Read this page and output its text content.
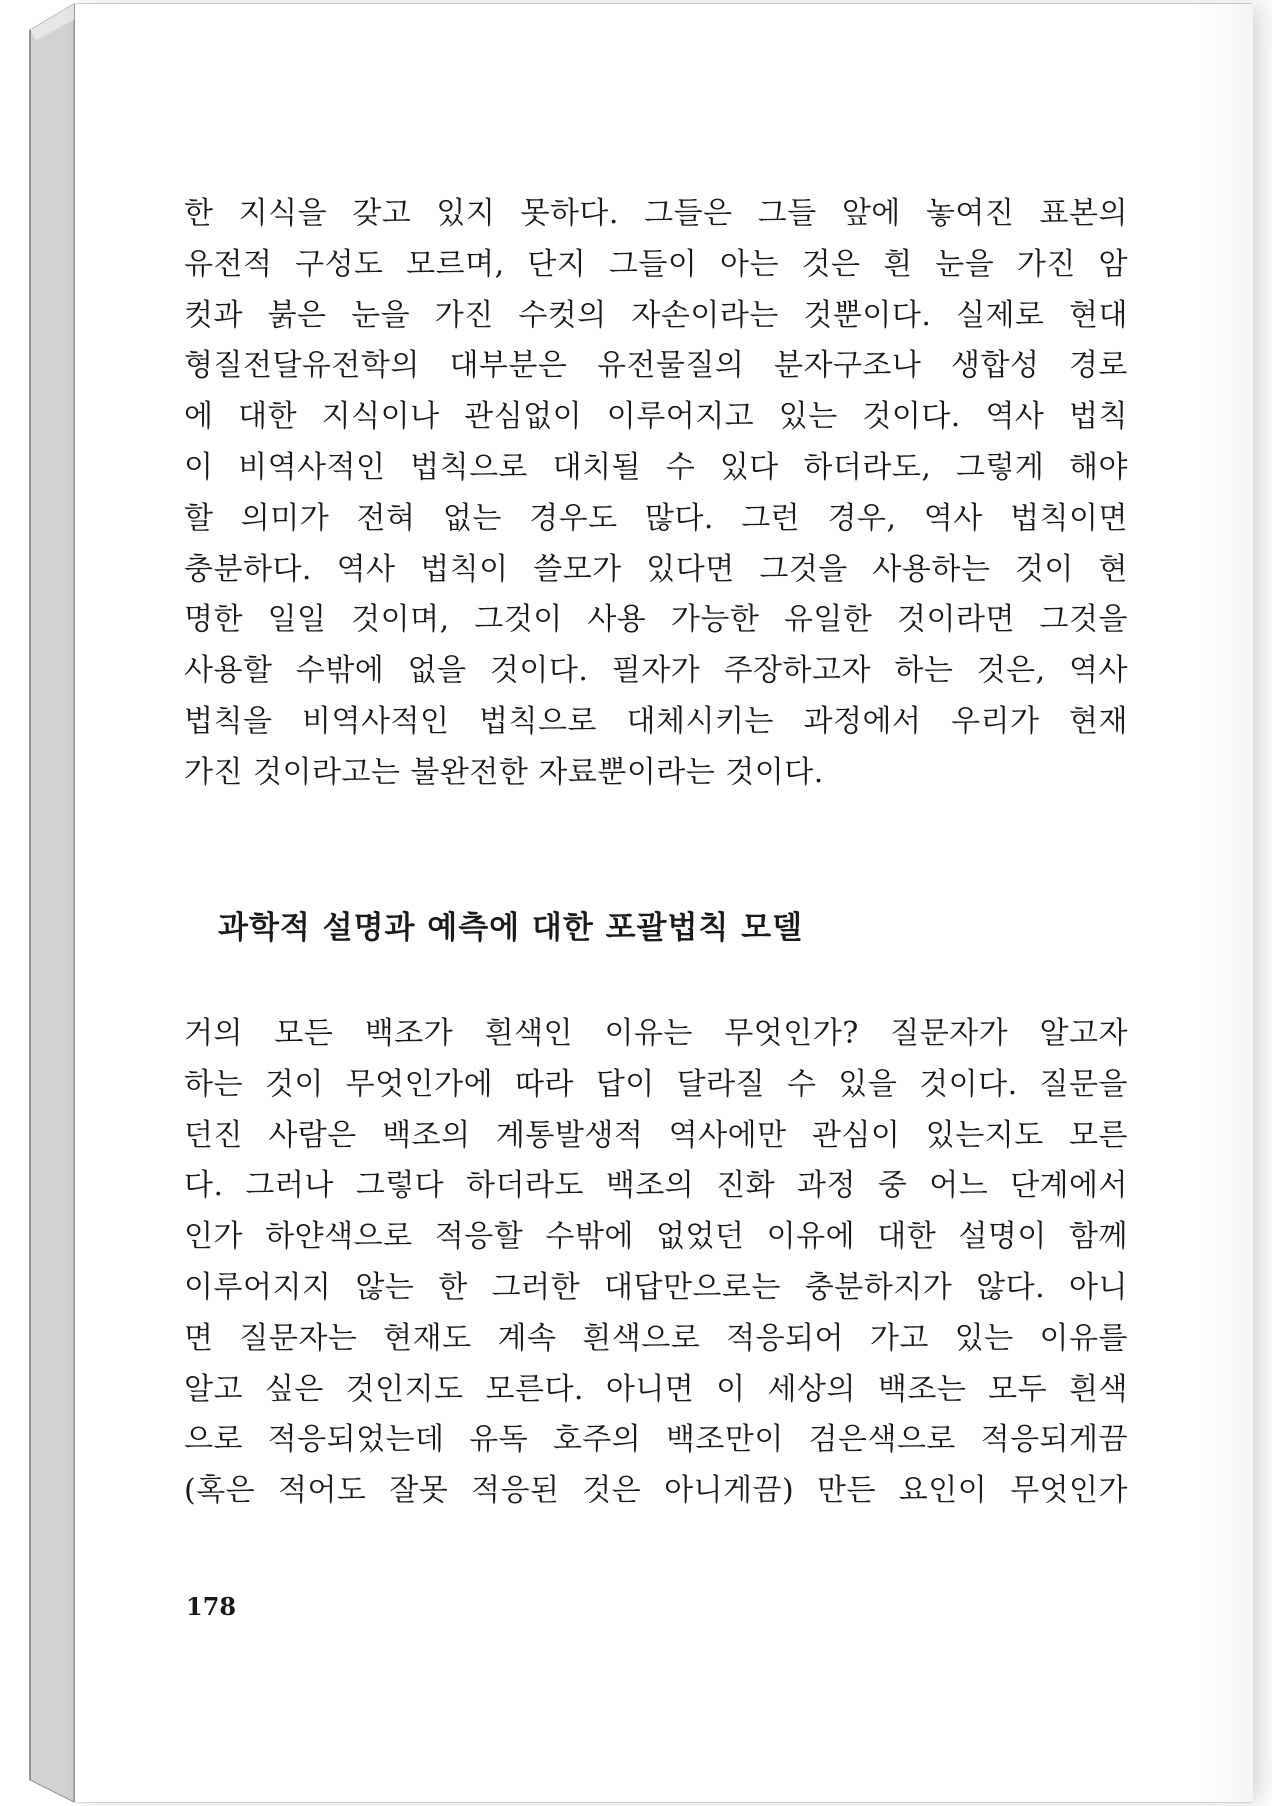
한 지식을 갖고 있지 못하다. 그들은 그들 앞에 놓여진 표본의
유전적 구성도 모르며, 단지 그들이 아는 것은 흰 눈을 가진 암
컷과 붉은 눈을 가진 수컷의 자손이라는 것뿐이다. 실제로 현대
형질전달유전학의 대부분은 유전물질의 분자구조나 생합성 경로
에 대한 지식이나 관심없이 이루어지고 있는 것이다. 역사 법칙
이 비역사적인 법칙으로 대치될 수 있다 하더라도, 그렇게 해야
할 의미가 전혀 없는 경우도 많다. 그런 경우, 역사 법칙이면
충분하다. 역사 법칙이 쓸모가 있다면 그것을 사용하는 것이 현
명한 일일 것이며, 그것이 사용 가능한 유일한 것이라면 그것을
사용할 수밖에 없을 것이다. 필자가 주장하고자 하는 것은, 역사
법칙을 비역사적인 법칙으로 대체시키는 과정에서 우리가 현재
가진 것이라고는 불완전한 자료뿐이라는 것이다.
과학적 설명과 예측에 대한 포괄법칙 모델
거의 모든 백조가 흰색인 이유는 무엇인가? 질문자가 알고자
하는 것이 무엇인가에 따라 답이 달라질 수 있을 것이다. 질문을
던진 사람은 백조의 계통발생적 역사에만 관심이 있는지도 모른
다. 그러나 그렇다 하더라도 백조의 진화 과정 중 어느 단계에서
인가 하얀색으로 적응할 수밖에 없었던 이유에 대한 설명이 함께
이루어지지 않는 한 그러한 대답만으로는 충분하지가 않다. 아니
면 질문자는 현재도 계속 흰색으로 적응되어 가고 있는 이유를
알고 싶은 것인지도 모른다. 아니면 이 세상의 백조는 모두 흰색
으로 적응되었는데 유독 호주의 백조만이 검은색으로 적응되게끔
(혹은 적어도 잘못 적응된 것은 아니게끔) 만든 요인이 무엇인가
178
